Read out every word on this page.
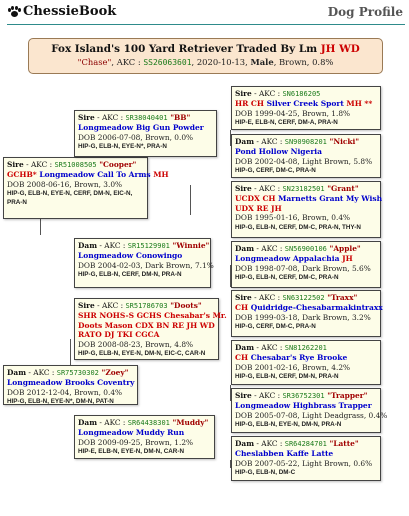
ChessieBook	Dog Profile
Fox Island's 100 Yard Retriever Traded By Lm JH WD
"Chase", AKC : SS26063601, 2020-10-13, Male, Brown, 0.8%
Sire - AKC : SR51786703 "Doots"
SHR NOHS-S GCHS Chesabar's Mr.
Doots Mason CDX BN RE JH WD
RATO DJ TKI CGCA
DOB 2008-08-23, Brown, 4.8%
HIP-G, ELB-N, EYE-N, DM-N, EIC-C, CAR-N
Dam - AKC : SR75730302 "Zoey"
Longmeadow Brooks Coventry
DOB 2012-12-04, Brown, 0.4%
HIP-G, ELB-N, EYE-N*, DM-N, PAT-N
Sire - AKC : SR51008505 "Cooper"
GCHB* Longmeadow Call To Arms MH
DOB 2008-06-16, Brown, 3.0%
HIP-G, ELB-N, EYE-N, CERF, DM-N, EIC-N,
PRA-N
Dam - AKC : SR15129901 "Winnie"
Longmeadow Conowingo
DOB 2004-02-03, Dark Brown, 7.1%
HIP-G, ELB-N, CERF, DM-N, PRA-N
Sire - AKC : SR38040401 "BB"
Longmeadow Big Gun Powder
DOB 2006-07-08, Brown, 0.0%
HIP-G, ELB-N, EYE-N*, PRA-N
Dam - AKC : SR64438301 "Muddy"
Longmeadow Muddy Run
DOB 2009-09-25, Brown, 1.2%
HIP-E, ELB-N, EYE-N, DM-N, CAR-N
Sire - AKC : SN6186205
HR CH Silver Creek Sport MH **
DOB 1999-04-25, Brown, 1.8%
HIP-E, ELB-N, CERF, DM-A, PRA-N
Dam - AKC : SN90908201 "Nicki"
Pond Hollow Nigeria
DOB 2002-04-08, Light Brown, 5.8%
HIP-G, CERF, DM-C, PRA-N
Sire - AKC : SN23182501 "Grant"
UCDX CH Marnetts Grant My Wish
UDX RE JH
DOB 1995-01-16, Brown, 0.4%
HIP-G, ELB-N, CERF, DM-C, PRA-N, THY-N
Dam - AKC : SN56900106 "Apple"
Longmeadow Appalachia JH
DOB 1998-07-08, Dark Brown, 5.6%
HIP-G, ELB-N, CERF, DM-C, PRA-N
Sire - AKC : SN63122502 "Traxx"
CH Quidridge-Chesabarmakintraxx
DOB 1999-03-18, Dark Brown, 3.2%
HIP-G, CERF, DM-C, PRA-N
Dam - AKC : SN81262201
CH Chesabar's Rye Brooke
DOB 2001-02-16, Brown, 4.2%
HIP-G, ELB-N, CERF, DM-N, PRA-N
Sire - AKC : SR36752301 "Trapper"
Longmeadow Highbrass Trapper
DOB 2005-07-08, Light Deadgrass, 0.4%
HIP-G, ELB-N, EYE-N, DM-N, PRA-N
Dam - AKC : SR64284701 "Latte"
Cheslabben Kaffe Latte
DOB 2007-05-22, Light Brown, 0.6%
HIP-G, ELB-N, DM-C
